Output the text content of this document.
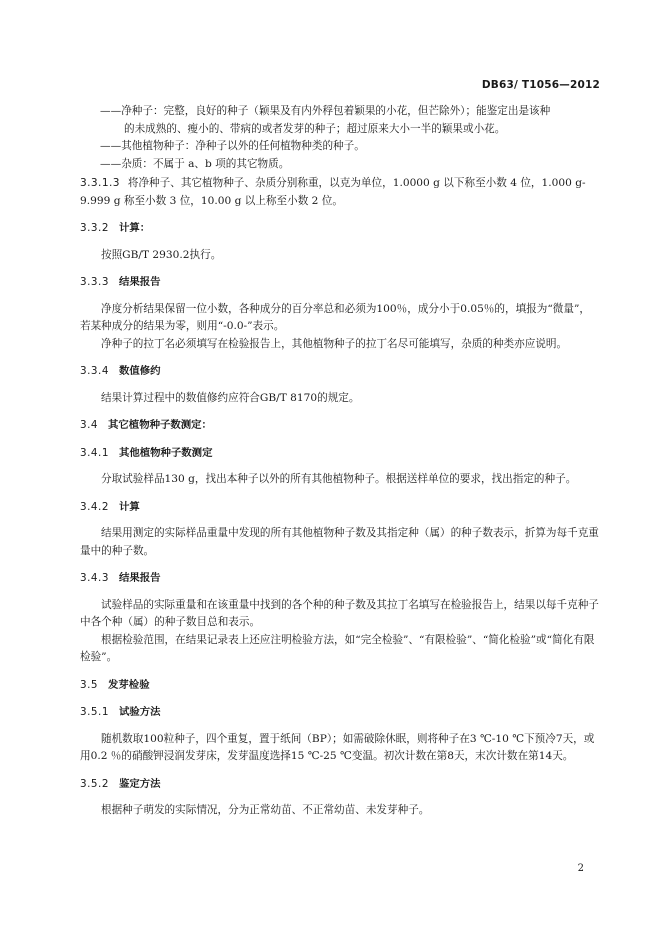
DB63/ T1056—2012

——净种子：完整，良好的种子（颖果及有内外稃包着颖果的小花，但芒除外）；能鉴定出是该种

的未成熟的、瘦小的、带病的或者发芽的种子；超过原来大小一半的颖果或小花。

——其他植物种子：净种子以外的任何植物种类的种子。

——杂质：不属于 a、b 项的其它物质。

3.3.1.3 将净种子、其它植物种子、杂质分别称重，以克为单位，1.0000 g 以下称至小数 4 位，1.000 g-9.999 g 称至小数 3 位，10.00 g 以上称至小数 2 位。

3.3.2 计算：

按照GB/T 2930.2执行。

3.3.3 结果报告

净度分析结果保留一位小数，各种成分的百分率总和必须为100％，成分小于0.05％的，填报为“微量”，若某种成分的结果为零，则用“-0.0-”表示。

净种子的拉丁名必须填写在检验报告上，其他植物种子的拉丁名尽可能填写，杂质的种类亦应说明。

3.3.4 数值修约

结果计算过程中的数值修约应符合GB/T 8170的规定。

3.4 其它植物种子数测定：
3.4.1 其他植物种子数测定

分取试验样品130 g，找出本种子以外的所有其他植物种子。根据送样单位的要求，找出指定的种子。

3.4.2 计算

结果用测定的实际样品重量中发现的所有其他植物种子数及其指定种（属）的种子数表示，折算为每千克重量中的种子数。

3.4.3 结果报告

试验样品的实际重量和在该重量中找到的各个种的种子数及其拉丁名填写在检验报告上，结果以每千克种子中各个种（属）的种子数目总和表示。

根据检验范围，在结果记录表上还应注明检验方法，如“完全检验”、“有限检验”、“简化检验”或“简化有限检验”。

3.5 发芽检验
3.5.1 试验方法

随机数取100粒种子，四个重复，置于纸间（BP）；如需破除休眠，则将种子在3 ℃-10 ℃下预冷7天，或用0.2 ％的硝酸钾浸润发芽床，发芽温度选择15 ℃-25 ℃变温。初次计数在第8天，末次计数在第14天。

3.5.2 鉴定方法

根据种子萌发的实际情况，分为正常幼苗、不正常幼苗、未发芽种子。

2
